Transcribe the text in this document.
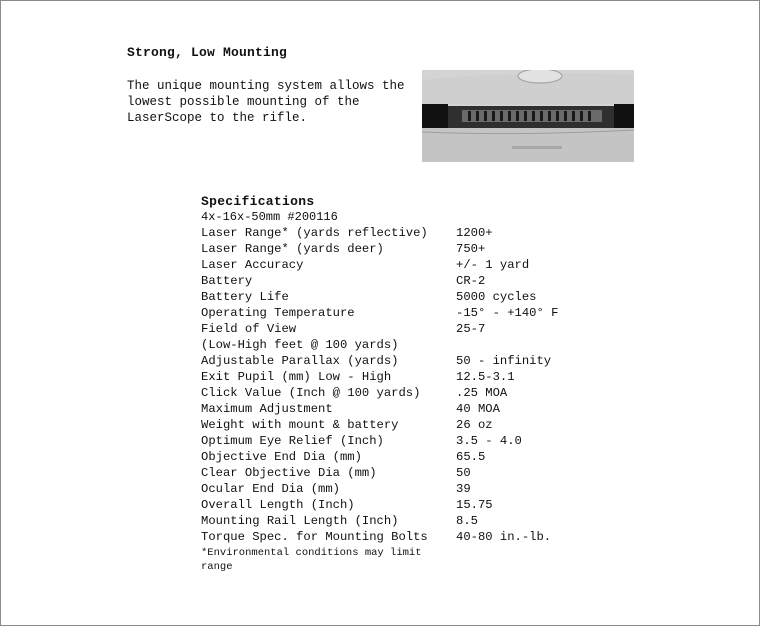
Strong, Low Mounting
The unique mounting system allows the lowest possible mounting of the LaserScope to the rifle.
Specifications
4x-16x-50mm #200116
Laser Range* (yards reflective) 1200+
Laser Range* (yards deer)	750+
Laser Accuracy	+/- 1 yard
Battery	CR-2
Battery Life	5000 cycles
Operating Temperature	-15° - +140° F
Field of View	25-7
(Low-High feet @ 100 yards)
Adjustable Parallax (yards)	50 - infinity
Exit Pupil (mm) Low - High	12.5-3.1
Click Value (Inch @ 100 yards)	.25 MOA
Maximum Adjustment	40 MOA
Weight with mount & battery	26 oz
Optimum Eye Relief (Inch)	3.5 - 4.0
Objective End Dia (mm)	65.5
Clear Objective Dia (mm)	50
Ocular End Dia (mm)	39
Overall Length (Inch)	15.75
Mounting Rail Length (Inch)	8.5
Torque Spec. for Mounting Bolts 40-80 in.-lb.
*Environmental conditions may limit range
